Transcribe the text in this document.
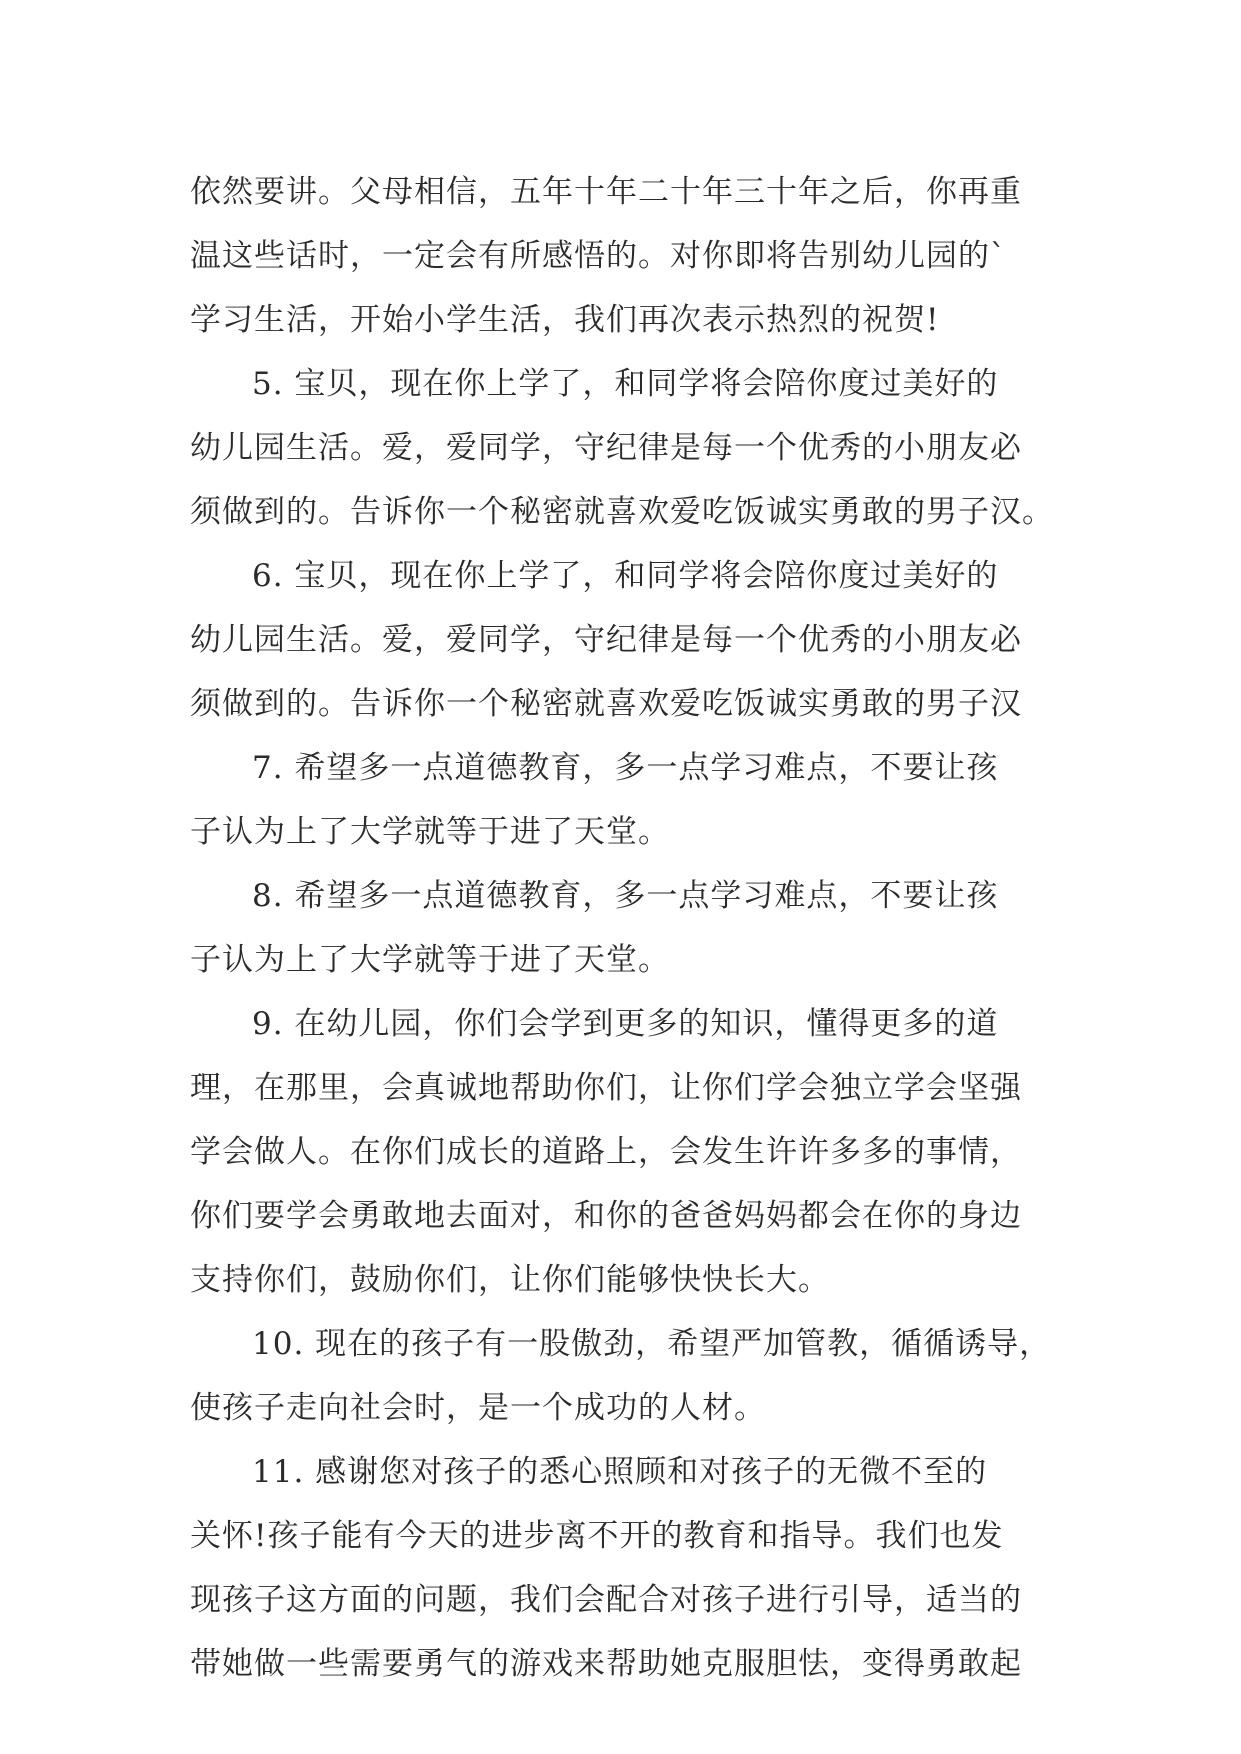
依然要讲。父母相信，五年十年二十年三十年之后，你再重
温这些话时，一定会有所感悟的。对你即将告别幼儿园的`
学习生活，开始小学生活，我们再次表示热烈的祝贺!
5. 宝贝，现在你上学了，和同学将会陪你度过美好的
幼儿园生活。爱，爱同学，守纪律是每一个优秀的小朋友必
须做到的。告诉你一个秘密就喜欢爱吃饭诚实勇敢的男子汉。
6. 宝贝，现在你上学了，和同学将会陪你度过美好的
幼儿园生活。爱，爱同学，守纪律是每一个优秀的小朋友必
须做到的。告诉你一个秘密就喜欢爱吃饭诚实勇敢的男子汉
7. 希望多一点道德教育，多一点学习难点，不要让孩
子认为上了大学就等于进了天堂。
8. 希望多一点道德教育，多一点学习难点，不要让孩
子认为上了大学就等于进了天堂。
9. 在幼儿园，你们会学到更多的知识，懂得更多的道
理，在那里，会真诚地帮助你们，让你们学会独立学会坚强
学会做人。在你们成长的道路上，会发生许许多多的事情，
你们要学会勇敢地去面对，和你的爸爸妈妈都会在你的身边
支持你们，鼓励你们，让你们能够快快长大。
10. 现在的孩子有一股傲劲，希望严加管教，循循诱导，
使孩子走向社会时，是一个成功的人材。
11. 感谢您对孩子的悉心照顾和对孩子的无微不至的
关怀!孩子能有今天的进步离不开的教育和指导。我们也发
现孩子这方面的问题，我们会配合对孩子进行引导，适当的
带她做一些需要勇气的游戏来帮助她克服胆怯，变得勇敢起
